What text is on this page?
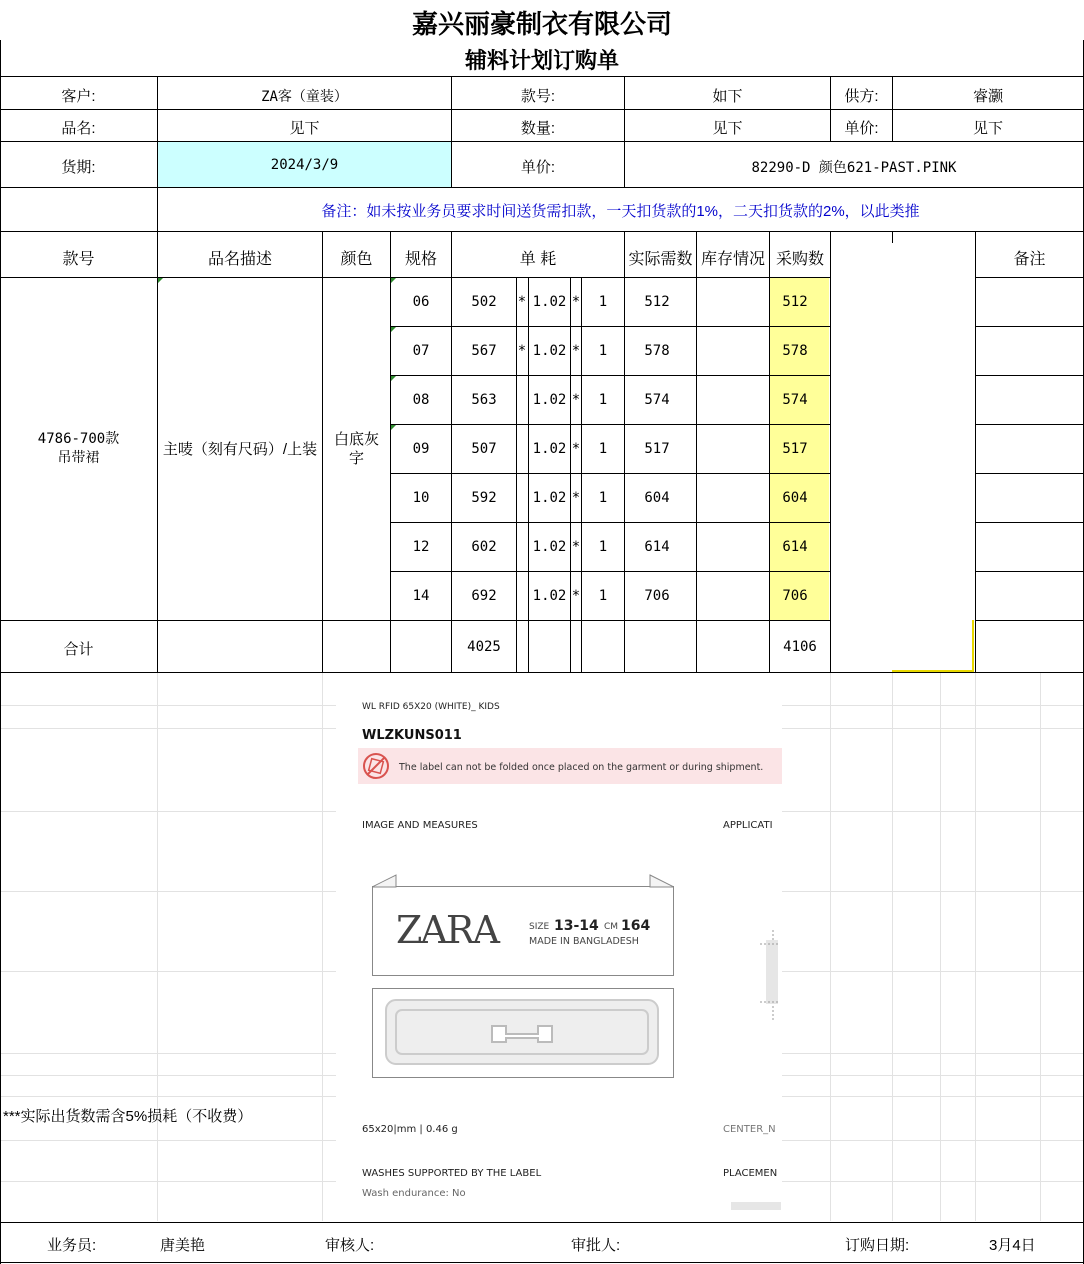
嘉兴丽豪制衣有限公司
辅料计划订购单
客户:	ZA客（童装）	款号:	如下	供方:	睿灏
品名:	见下	数量:	见下	单价:	见下
货期:	2024/3/9	单价:	82290-D 颜色621-PAST.PINK
备注：如未按业务员要求时间送货需扣款，一天扣货款的1%，二天扣货款的2%，以此类推
款号	品名描述	颜色	规格	单 耗	实际需数 库存情况 采购数	备注
4786-700款
吊带裙
主唛（刻有尺码）/上装
白底灰字
06	502	* 1.02 *	1	512	512
07	567	* 1.02 *	1	578	578
08	563	1.02 *	1	574	574
09	507	1.02 *	1	517	517
10	592	1.02 *	1	604	604
12	602	1.02 *	1	614	614
14	692	1.02 *	1	706	706
合计	4025	4106
WL RFID 65X20 (WHITE)_ KIDS
WLZKUNS011
The label can not be folded once placed on the garment or during shipment.
IMAGE AND MEASURES	APPLICATI
ZARA	SIZE 13-14 CM 164
MADE IN BANGLADESH
65x20|mm | 0.46 g	CENTER_N
WASHES SUPPORTED BY THE LABEL	PLACEMEN
Wash endurance: No
***实际出货数需含5%损耗（不收费）
业务员:	唐美艳	审核人:	审批人:	订购日期:	3月4日
